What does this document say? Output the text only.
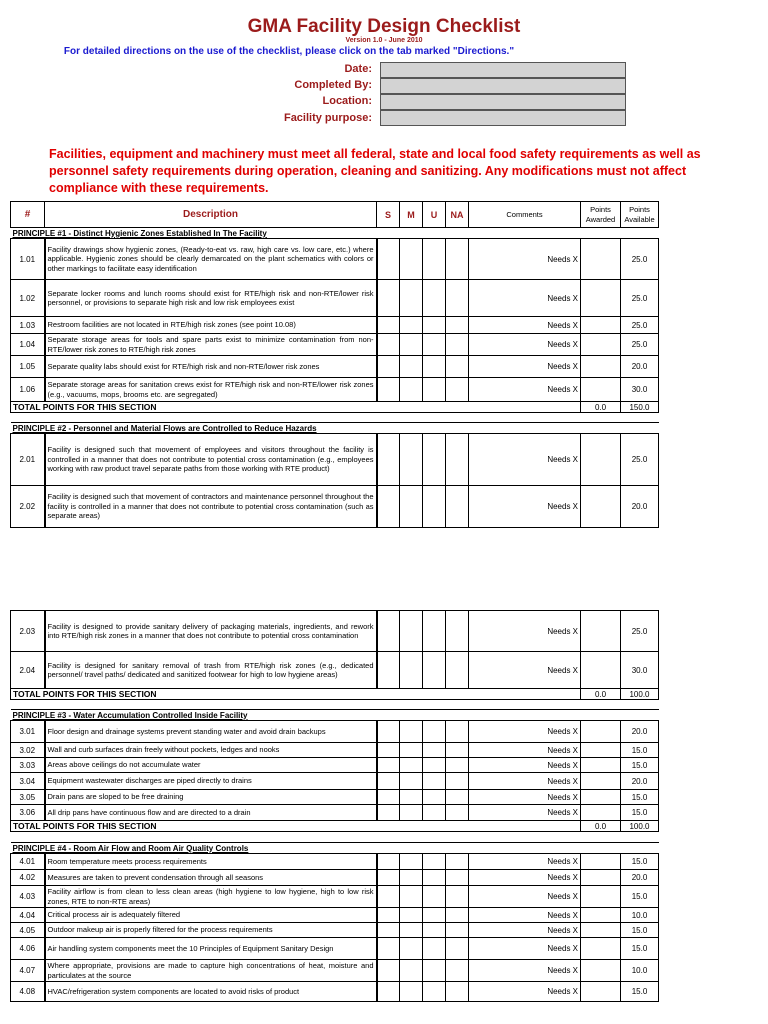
GMA Facility Design Checklist
Version 1.0 - June 2010
For detailed directions on the use of the checklist, please click on the tab marked "Directions."
Date:
Completed By:
Location:
Facility purpose:
Facilities, equipment and machinery must meet all federal, state and local food safety requirements as well as personnel safety requirements during operation, cleaning and sanitizing. Any modifications must not affect compliance with these requirements.
#	Description	S	M	U	NA	Comments	Points Awarded	Points Available
PRINCIPLE #1 - Distinct Hygienic Zones Established In The Facility								
1.01	Facility drawings show hygienic zones, (Ready-to-eat vs. raw, high care vs. low care, etc.) where applicable. Hygienic zones should be clearly demarcated on the plant schematics with colors or other markings to facilitate easy identification					Needs X		25.0
1.02	Separate locker rooms and lunch rooms should exist for RTE/high risk and non-RTE/lower risk personnel, or provisions to separate high risk and low risk employees exist					Needs X		25.0
1.03	Restroom facilities are not located in RTE/high risk zones (see point 10.08)					Needs X		25.0
1.04	Separate storage areas for tools and spare parts exist to minimize contamination from non-RTE/lower risk zones to RTE/high risk zones					Needs X		25.0
1.05	Separate quality labs should exist for RTE/high risk and non-RTE/lower risk zones					Needs X		20.0
1.06	Separate storage areas for sanitation crews exist for RTE/high risk and non-RTE/lower risk zones (e.g., vacuums, mops, brooms etc. are segregated)					Needs X		30.0
TOTAL POINTS FOR THIS SECTION							0.0	150.0

PRINCIPLE #2 - Personnel and Material Flows are Controlled to Reduce Hazards								
2.01	Facility is designed such that movement of employees and visitors throughout the facility is controlled in a manner that does not contribute to potential cross contamination (e.g., employees working with raw product travel separate paths from those working with RTE product)					Needs X		25.0
2.02	Facility is designed such that movement of contractors and maintenance personnel throughout the facility is controlled in a manner that does not contribute to potential cross contamination (such as separate areas)					Needs X		20.0
2.03	Facility is designed to provide sanitary delivery of packaging materials, ingredients, and rework into RTE/high risk zones in a manner that does not contribute to potential cross contamination					Needs X		25.0
2.04	Facility is designed for sanitary removal of trash from RTE/high risk zones (e.g., dedicated personnel/ travel paths/ dedicated and sanitized footwear for high to low hygiene areas)					Needs X		30.0
TOTAL POINTS FOR THIS SECTION							0.0	100.0

PRINCIPLE #3 - Water Accumulation Controlled Inside Facility								
3.01	Floor design and drainage systems prevent standing water and avoid drain backups					Needs X		20.0
3.02	Wall and curb surfaces drain freely without pockets, ledges and nooks					Needs X		15.0
3.03	Areas above ceilings do not accumulate water					Needs X		15.0
3.04	Equipment wastewater discharges are piped directly to drains					Needs X		20.0
3.05	Drain pans are sloped to be free draining					Needs X		15.0
3.06	All drip pans have continuous flow and are directed to a drain					Needs X		15.0
TOTAL POINTS FOR THIS SECTION							0.0	100.0

PRINCIPLE #4 - Room Air Flow and Room Air Quality Controls								
4.01	Room temperature meets process requirements					Needs X		15.0
4.02	Measures are taken to prevent condensation through all seasons					Needs X		20.0
4.03	Facility airflow is from clean to less clean areas (high hygiene to low hygiene, high to low risk zones, RTE to non-RTE areas)					Needs X		15.0
4.04	Critical process air is adequately filtered					Needs X		10.0
4.05	Outdoor makeup air is properly filtered for the process requirements					Needs X		15.0
4.06	Air handling system components meet the 10 Principles of Equipment Sanitary Design					Needs X		15.0
4.07	Where appropriate, provisions are made to capture high concentrations of heat, moisture and particulates at the source					Needs X		10.0
4.08	HVAC/refrigeration system components are located to avoid risks of product					Needs X		15.0
